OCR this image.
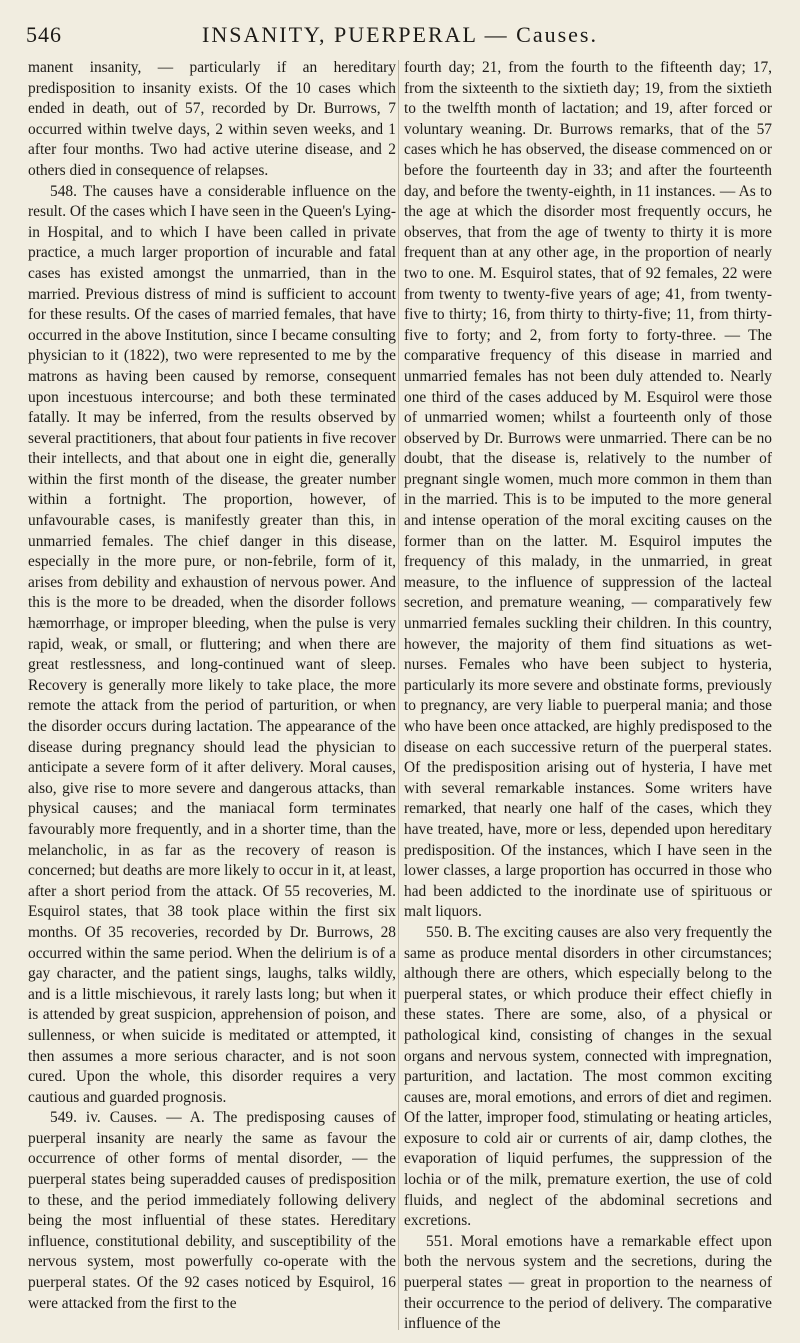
546	INSANITY, PUERPERAL — Causes.

manent insanity, — particularly if an hereditary predisposition to insanity exists. Of the 10 cases which ended in death, out of 57, recorded by Dr. Burrows, 7 occurred within twelve days, 2 within seven weeks, and 1 after four months. Two had active uterine disease, and 2 others died in consequence of relapses.

548. The causes have a considerable influence on the result. Of the cases which I have seen in the Queen's Lying-in Hospital, and to which I have been called in private practice, a much larger proportion of incurable and fatal cases has existed amongst the unmarried, than in the married. Previous distress of mind is sufficient to account for these results. Of the cases of married females, that have occurred in the above Institution, since I became consulting physician to it (1822), two were represented to me by the matrons as having been caused by remorse, consequent upon incestuous intercourse; and both these terminated fatally. It may be inferred, from the results observed by several practitioners, that about four patients in five recover their intellects, and that about one in eight die, generally within the first month of the disease, the greater number within a fortnight. The proportion, however, of unfavourable cases, is manifestly greater than this, in unmarried females. The chief danger in this disease, especially in the more pure, or non-febrile, form of it, arises from debility and exhaustion of nervous power. And this is the more to be dreaded, when the disorder follows hæmorrhage, or improper bleeding, when the pulse is very rapid, weak, or small, or fluttering; and when there are great restlessness, and long-continued want of sleep. Recovery is generally more likely to take place, the more remote the attack from the period of parturition, or when the disorder occurs during lactation. The appearance of the disease during pregnancy should lead the physician to anticipate a severe form of it after delivery. Moral causes, also, give rise to more severe and dangerous attacks, than physical causes; and the maniacal form terminates favourably more frequently, and in a shorter time, than the melancholic, in as far as the recovery of reason is concerned; but deaths are more likely to occur in it, at least, after a short period from the attack. Of 55 recoveries, M. Esquirol states, that 38 took place within the first six months. Of 35 recoveries, recorded by Dr. Burrows, 28 occurred within the same period. When the delirium is of a gay character, and the patient sings, laughs, talks wildly, and is a little mischievous, it rarely lasts long; but when it is attended by great suspicion, apprehension of poison, and sullenness, or when suicide is meditated or attempted, it then assumes a more serious character, and is not soon cured. Upon the whole, this disorder requires a very cautious and guarded prognosis.

549. iv. Causes. — A. The predisposing causes of puerperal insanity are nearly the same as favour the occurrence of other forms of mental disorder, — the puerperal states being superadded causes of predisposition to these, and the period immediately following delivery being the most influential of these states. Hereditary influence, constitutional debility, and susceptibility of the nervous system, most powerfully co-operate with the puerperal states. Of the 92 cases noticed by Esquirol, 16 were attacked from the first to the

fourth day; 21, from the fourth to the fifteenth day; 17, from the sixteenth to the sixtieth day; 19, from the sixtieth to the twelfth month of lactation; and 19, after forced or voluntary weaning. Dr. Burrows remarks, that of the 57 cases which he has observed, the disease commenced on or before the fourteenth day in 33; and after the fourteenth day, and before the twenty-eighth, in 11 instances. — As to the age at which the disorder most frequently occurs, he observes, that from the age of twenty to thirty it is more frequent than at any other age, in the proportion of nearly two to one. M. Esquirol states, that of 92 females, 22 were from twenty to twenty-five years of age; 41, from twenty-five to thirty; 16, from thirty to thirty-five; 11, from thirty-five to forty; and 2, from forty to forty-three. — The comparative frequency of this disease in married and unmarried females has not been duly attended to. Nearly one third of the cases adduced by M. Esquirol were those of unmarried women; whilst a fourteenth only of those observed by Dr. Burrows were unmarried. There can be no doubt, that the disease is, relatively to the number of pregnant single women, much more common in them than in the married. This is to be imputed to the more general and intense operation of the moral exciting causes on the former than on the latter. M. Esquirol imputes the frequency of this malady, in the unmarried, in great measure, to the influence of suppression of the lacteal secretion, and premature weaning, — comparatively few unmarried females suckling their children. In this country, however, the majority of them find situations as wet-nurses. Females who have been subject to hysteria, particularly its more severe and obstinate forms, previously to pregnancy, are very liable to puerperal mania; and those who have been once attacked, are highly predisposed to the disease on each successive return of the puerperal states. Of the predisposition arising out of hysteria, I have met with several remarkable instances. Some writers have remarked, that nearly one half of the cases, which they have treated, have, more or less, depended upon hereditary predisposition. Of the instances, which I have seen in the lower classes, a large proportion has occurred in those who had been addicted to the inordinate use of spirituous or malt liquors.

550. B. The exciting causes are also very frequently the same as produce mental disorders in other circumstances; although there are others, which especially belong to the puerperal states, or which produce their effect chiefly in these states. There are some, also, of a physical or pathological kind, consisting of changes in the sexual organs and nervous system, connected with impregnation, parturition, and lactation. The most common exciting causes are, moral emotions, and errors of diet and regimen. Of the latter, improper food, stimulating or heating articles, exposure to cold air or currents of air, damp clothes, the evaporation of liquid perfumes, the suppression of the lochia or of the milk, premature exertion, the use of cold fluids, and neglect of the abdominal secretions and excretions.

551. Moral emotions have a remarkable effect upon both the nervous system and the secretions, during the puerperal states — great in proportion to the nearness of their occurrence to the period of delivery. The comparative influence of the
